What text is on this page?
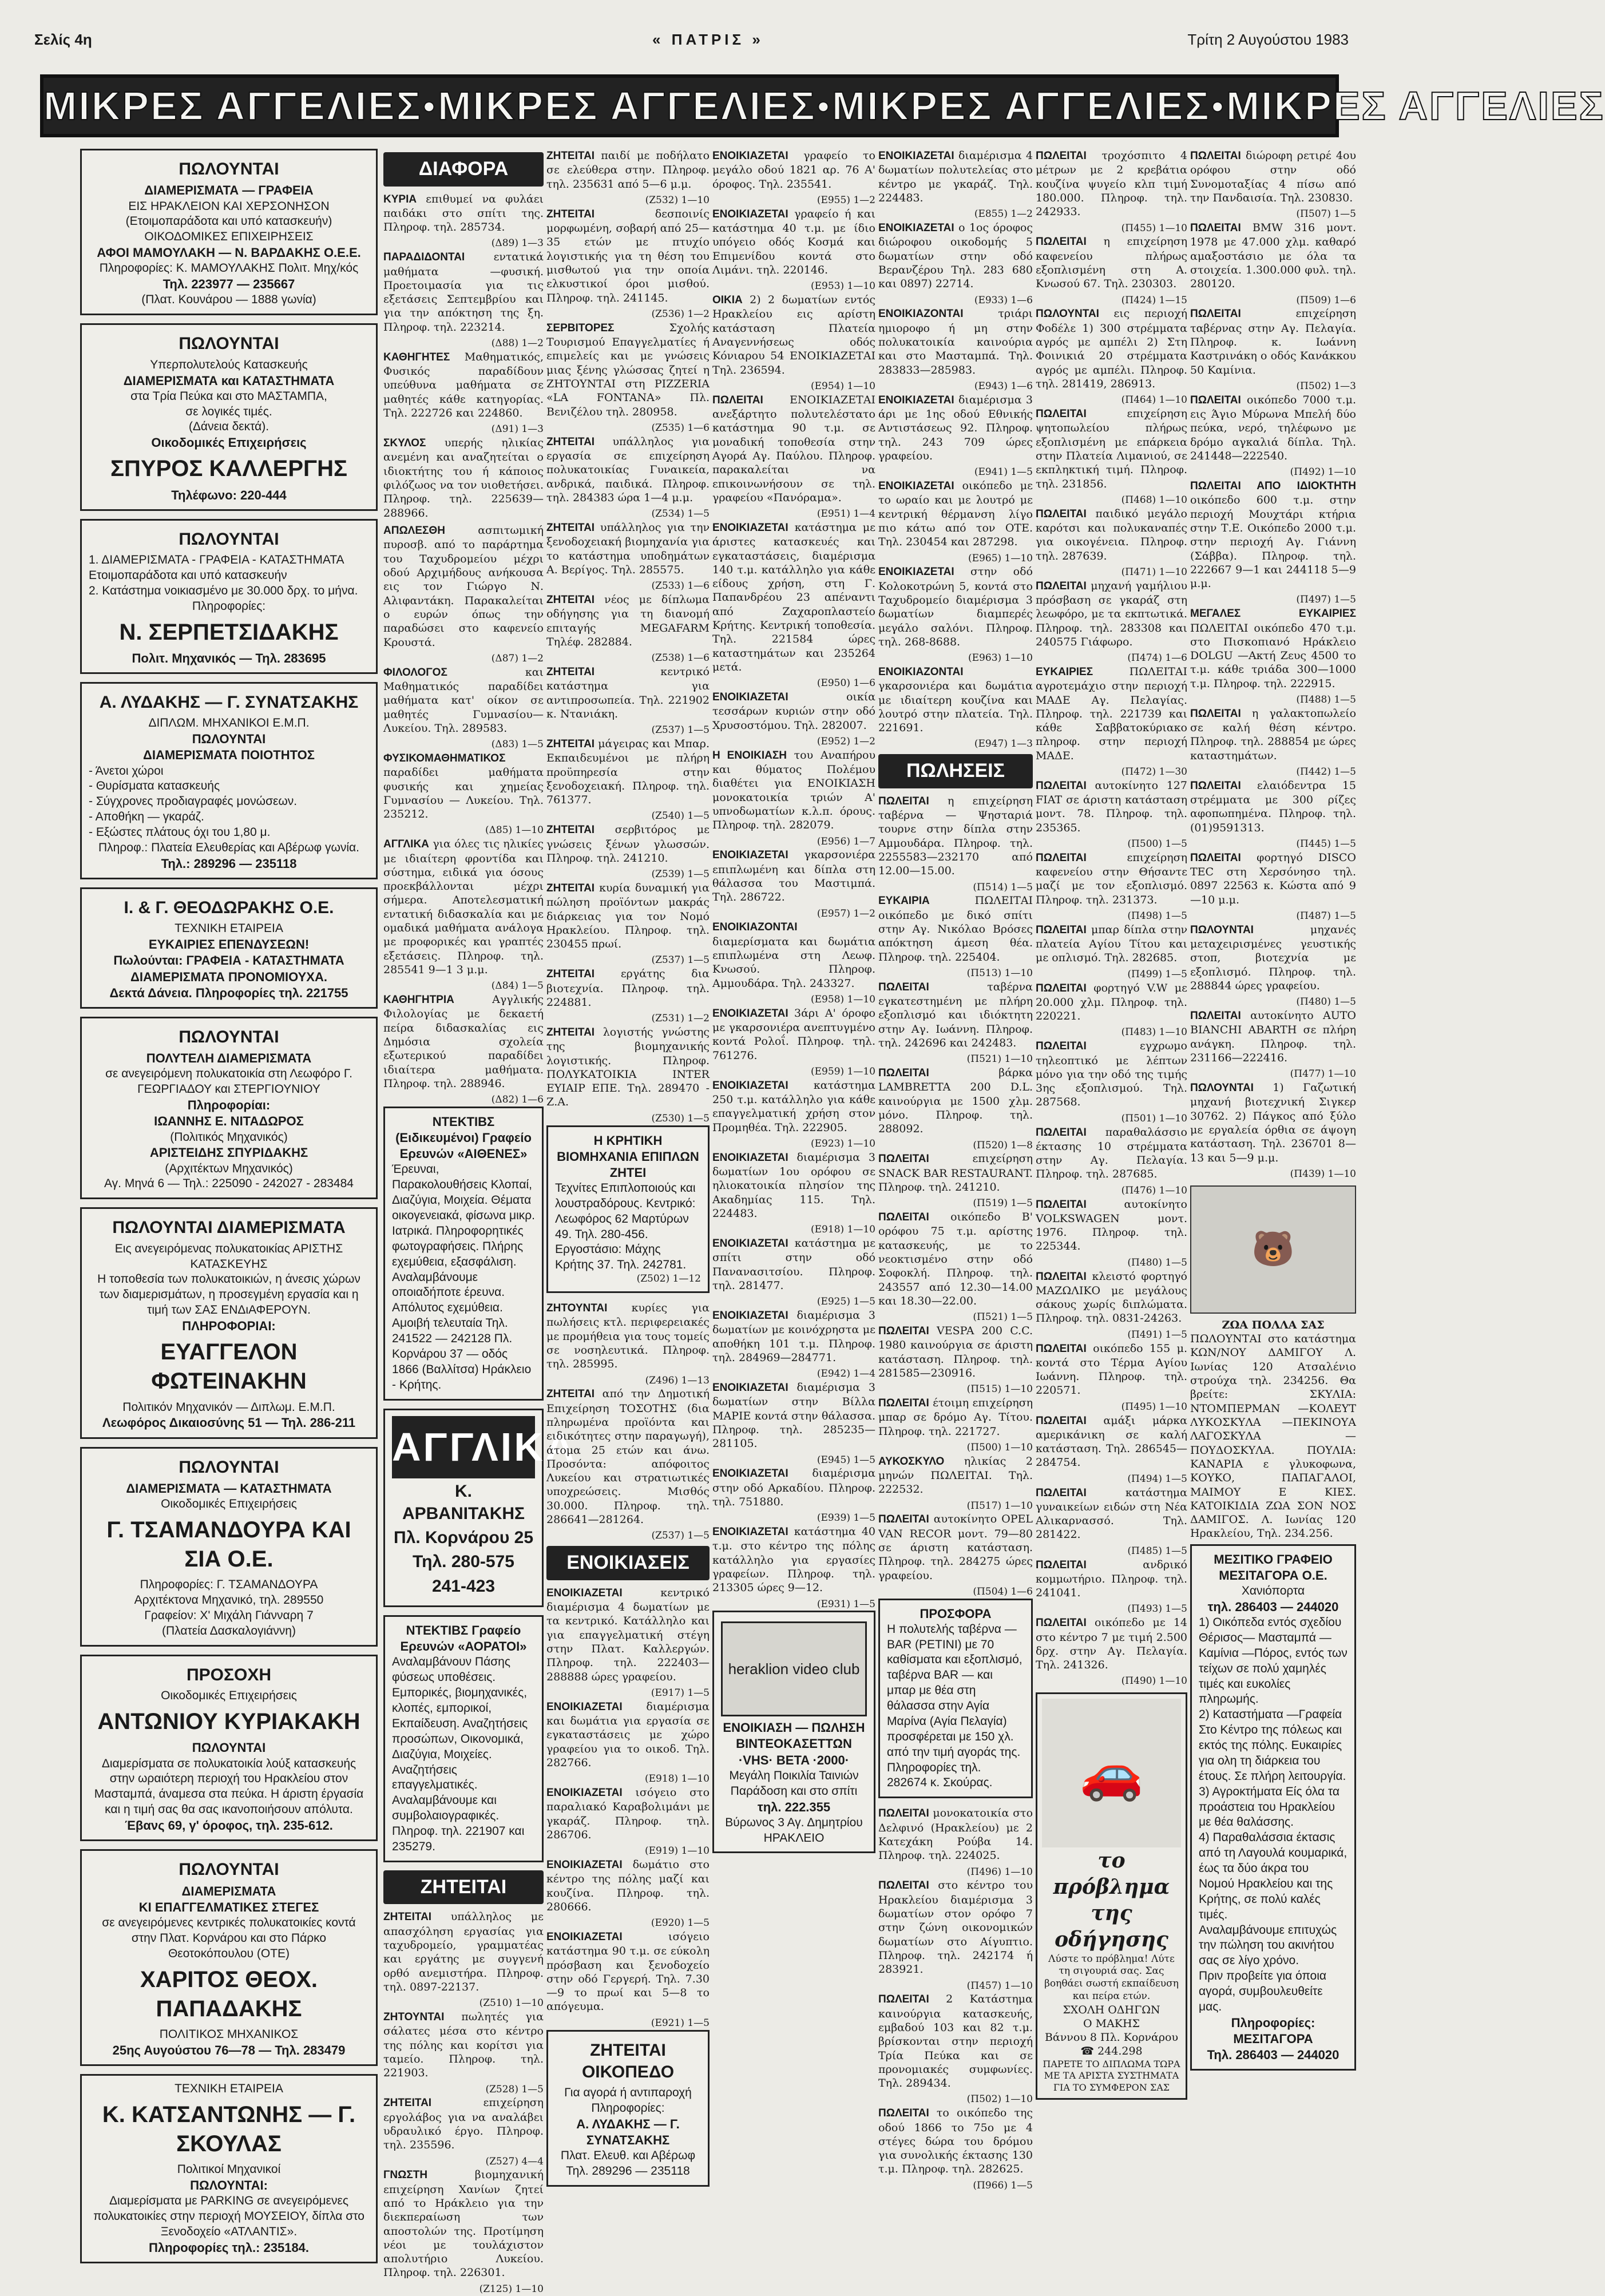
Σελίς 4η	« ΠΑΤΡΙΣ »	Τρίτη 2 Αυγούστου 1983
ΜΙΚΡΕΣ ΑΓΓΕΛΙΕΣ ● ΜΙΚΡΕΣ ΑΓΓΕΛΙΕΣ ● ΜΙΚΡΕΣ ΑΓΓΕΛΙΕΣ ● ΜΙΚΡΕΣ ΑΓΓΕΛΙΕΣ
ΠΩΛΟΥΝΤΑΙ
ΔΙΑΜΕΡΙΣΜΑΤΑ — ΓΡΑΦΕΙΑ
ΕΙΣ ΗΡΑΚΛΕΙΟΝ ΚΑΙ ΧΕΡΣΟΝΗΣΟΝ
(Ετοιμοπαράδοτα και υπό κατασκευήν)
ΟΙΚΟΔΟΜΙΚΕΣ ΕΠΙΧΕΙΡΗΣΕΙΣ
ΑΦΟΙ ΜΑΜΟΥΛΑΚΗ — Ν. ΒΑΡΔΑΚΗΣ Ο.Ε.Ε.
Πληροφορίες: Κ. ΜΑΜΟΥΛΑΚΗΣ Πολιτ. Μηχ/κός
Τηλ. 223977 — 235667
(Πλατ. Κουνάρου — 1888 γωνία)
ΠΩΛΟΥΝΤΑΙ
Υπερπολυτελούς Κατασκευής
ΔΙΑΜΕΡΙΣΜΑΤΑ και ΚΑΤΑΣΤΗΜΑΤΑ
στα Τρία Πεύκα και στο ΜΑΣΤΑΜΠΑ,
σε λογικές τιμές.
(Δάνεια δεκτά).
Οικοδομικές Επιχειρήσεις
ΣΠΥΡΟΣ ΚΑΛΛΕΡΓΗΣ
Τηλέφωνο: 220-444
ΠΩΛΟΥΝΤΑΙ
1. ΔΙΑΜΕΡΙΣΜΑΤΑ - ΓΡΑΦΕΙΑ - ΚΑΤΑΣΤΗΜΑΤΑ Ετοιμοπαράδοτα και υπό κατασκευήν
2. Κατάστημα νοικιασμένο με 30.000 δρχ. το μήνα.
Πληροφορίες:
Ν. ΣΕΡΠΕΤΣΙΔΑΚΗΣ
Πολιτ. Μηχανικός — Τηλ. 283695
Α. ΛΥΔΑΚΗΣ — Γ. ΣΥΝΑΤΣΑΚΗΣ
ΔΙΠΛΩΜ. ΜΗΧΑΝΙΚΟΙ Ε.Μ.Π.
ΠΩΛΟΥΝΤΑΙ
ΔΙΑΜΕΡΙΣΜΑΤΑ ΠΟΙΟΤΗΤΟΣ
- Άνετοι χώροι
- Θυρίσματα κατασκευής
- Σύγχρονες προδιαγραφές μονώσεων.
- Αποθήκη — γκαράζ.
- Εξώστες πλάτους όχι του 1,80 μ.
Πληροφ.: Πλατεία Ελευθερίας και Αβέρωφ γωνία.
Τηλ.: 289296 — 235118
Ι. & Γ. ΘΕΟΔΩΡΑΚΗΣ Ο.Ε.
ΤΕΧΝΙΚΗ ΕΤΑΙΡΕΙΑ
ΕΥΚΑΙΡΙΕΣ ΕΠΕΝΔΥΣΕΩΝ!
Πωλούνται: ΓΡΑΦΕΙΑ - ΚΑΤΑΣΤΗΜΑΤΑ
ΔΙΑΜΕΡΙΣΜΑΤΑ ΠΡΟΝΟΜΙΟΥΧΑ.
Δεκτά Δάνεια. Πληροφορίες τηλ. 221755
ΠΩΛΟΥΝΤΑΙ
ΠΟΛΥΤΕΛΗ ΔΙΑΜΕΡΙΣΜΑΤΑ
σε ανεγειρόμενη πολυκατοικία στη Λεωφόρο Γ. ΓΕΩΡΓΙΑΔΟΥ και ΣΤΕΡΓΙΟΥΝΙΟΥ
Πληροφορίαι:
ΙΩΑΝΝΗΣ Ε. ΝΙΤΑΔΩΡΟΣ
(Πολιτικός Μηχανικός)
ΑΡΙΣΤΕΙΔΗΣ ΣΠΥΡΙΔΑΚΗΣ
(Αρχιτέκτων Μηχανικός)
Αγ. Μηνά 6 — Τηλ.: 225090 - 242027 - 283484
ΠΩΛΟΥΝΤΑΙ ΔΙΑΜΕΡΙΣΜΑΤΑ
Εις ανεγειρόμενας πολυκατοικίας ΑΡΙΣΤΗΣ ΚΑΤΑΣΚΕΥΗΣ
Η τοποθεσία των πολυκατοικιών, η άνεσις χώρων των διαμερισμάτων, η προσεγμένη εργασία και η τιμή των ΣΑΣ ΕΝΔιΑΦΕΡΟΥΝ.
ΠΛΗΡΟΦΟΡΙΑΙ:
ΕΥΑΓΓΕΛΟΝ ΦΩΤΕΙΝΑΚΗΝ
Πολιτικόν Μηχανικόν — Διπλωμ. Ε.Μ.Π.
Λεωφόρος Δικαιοσύνης 51 — Τηλ. 286-211
ΠΩΛΟΥΝΤΑΙ
ΔΙΑΜΕΡΙΣΜΑΤΑ — ΚΑΤΑΣΤΗΜΑΤΑ
Οικοδομικές Επιχειρήσεις
Γ. ΤΣΑΜΑΝΔΟΥΡΑ ΚΑΙ ΣΙΑ Ο.Ε.
Πληροφορίες: Γ. ΤΣΑΜΑΝΔΟΥΡΑ
Αρχιτέκτονα Μηχανικό, τηλ. 289550
Γραφείον: Χ' Μιχάλη Γιάνναρη 7
(Πλατεία Δασκαλογιάννη)
ΠΡΟΣΟΧΗ
Οικοδομικές Επιχειρήσεις
ΑΝΤΩΝΙΟΥ ΚΥΡΙΑΚΑΚΗ
ΠΩΛΟΥΝΤΑΙ
Διαμερίσματα σε πολυκατοικία λούξ κατασκευής στην ωραιότερη περιοχή του Ηρακλείου στον Μασταμπά, άναμεσα στα πεύκα. Η άριστη έργασία και η τιμή σας θα σας ικανοποιήσουν απόλυτα.
Έβανς 69, γ' όροφος, τηλ. 235-612.
ΠΩΛΟΥΝΤΑΙ
ΔΙΑΜΕΡΙΣΜΑΤΑ
ΚΙ ΕΠΑΓΓΕΛΜΑΤΙΚΕΣ ΣΤΕΓΕΣ
σε ανεγειρόμενες κεντρικές πολυκατοικίες κοντά στην Πλατ. Κορνάρου και στο Πάρκο Θεοτοκόπουλου (ΟΤΕ)
ΧΑΡΙΤΟΣ ΘΕΟΧ. ΠΑΠΑΔΑΚΗΣ
ΠΟΛΙΤΙΚΟΣ ΜΗΧΑΝΙΚΟΣ
25ης Αυγούστου 76—78 — Τηλ. 283479
ΤΕΧΝΙΚΗ ΕΤΑΙΡΕΙΑ
Κ. ΚΑΤΣΑΝΤΩΝΗΣ — Γ. ΣΚΟΥΛΑΣ
Πολιτικοί Μηχανικοί
ΠΩΛΟΥΝΤΑΙ:
Διαμερίσματα με PARKING σε ανεγειρόμενες πολυκατοικίες στην περιοχή ΜΟΥΣΕΙΟΥ, δίπλα στο Ξενοδοχείο «ΑΤΛΑΝΤΙΣ».
Πληροφορίες τηλ.: 235184.
ΔΙΑΦΟΡΑ
ΚΥΡΙΑ επιθυμεί να φυλάει παιδάκι στο σπίτι της. Πληροφ. τηλ. 285734.
(Δ89) 1—3
ΠΑΡΑΔΙΔΟΝΤΑΙ	εντατικά μαθήματα —φυσική. Προετοιμασία για τις εξετάσεις Σεπτεμβρίου και για την απόκτηση της ξη. Πληροφ. τηλ. 223214.
(Δ88) 1—2
ΚΑΘΗΓΗΤΕΣ Μαθηματικός, Φυσικός παραδίδουν υπεύθυνα μαθήματα σε μαθητές κάθε κατηγορίας. Τηλ. 222726 και 224860.
(Δ91) 1—3
ΣΚΥΛΟΣ υπερής ηλικίας ανεμένη και αναζητείται ο ιδιοκτήτης του ή κάποιος φιλόζωος να τον υιοθετήσει. Πληροφ. τηλ. 225639—288966.
ΑΠΩΛΕΣΘΗ	ασπιτωμική πυροσβ. από το παράρτημα του Ταχυδρομείου μέχρι οδού Αρχιμήδους ανήκουσα εις τον Γιώργο Ν. Αλιφαντάκη. Παρακαλείται ο ευρών όπως την παραδώσει στο καφενείο Κρουστά.
(Δ87) 1—2
ΦΙΛΟΛΟΓΟΣ	και Μαθηματικός παραδίδει μαθήματα κατ' οίκον σε μαθητές Γυμνασίου—Λυκείου. Τηλ. 289583.
(Δ83) 1—5
ΦΥΣΙΚΟΜΑΘΗΜΑΤΙΚΟΣ παραδίδει μαθήματα φυσικής και χημείας Γυμνασίου — Λυκείου. Τηλ. 235212.
(Δ85) 1—10
ΑΓΓΛΙΚΑ για όλες τις ηλικίες με ιδιαίτερη φροντίδα και σύστημα, ειδικά για όσους προεκβάλλονται μέχρι σήμερα. Αποτελεσματική εντατική διδασκαλία και με ομαδικά μαθήματα ανάλογα με προφορικές και γραπτές εξετάσεις. Πληροφ. τηλ. 285541 9—1 3 μ.μ.
(Δ84) 1—5
ΚΑΘΗΓΗΤΡΙΑ	Αγγλικής Φιλολογίας με δεκαετή πείρα διδασκαλίας εις Δημόσια σχολεία εξωτερικού παραδίδει ιδιαίτερα μαθήματα. Πληροφ. τηλ. 288946.
(Δ82) 1—6
ΝΤΕΚΤΙΒΣ (Ειδικευμένοι) Γραφείο Ερευνών «ΑΙΘΕΝΕΣ»
Έρευναι, Παρακολουθήσεις Κλοπαί, Διαζύγια, Μοιχεία. Θέματα οικογενειακά, φίσωνα μικρ. Ιατρικά. Πληροφορητικές φωτογραφήσεις. Πλήρης εχεμύθεια, εξασφάλιση. Αναλαμβάνουμε οποιαδήποτε έρευνα. Απόλυτος εχεμύθεια. Αμοιβή τελευταία Τηλ. 241522 — 242128 Πλ. Κορνάρου 37 — οδός 1866 (Βαλλίτσα) Ηράκλειο - Κρήτης.
ΑΓΓΛΙΚΑ
Κ. ΑΡΒΑΝΙΤΑΚΗΣ
Πλ. Κορνάρου 25
Τηλ. 280-575
241-423
ΝΤΕΚΤΙΒΣ Γραφείο Ερευνών «ΑΟΡΑΤΟΙ»
Αναλαμβάνουν Πάσης φύσεως υποθέσεις. Εμπορικές, βιομηχανικές, κλοπές, εμπορικοί, Εκπαίδευση. Αναζητήσεις προσώπων, Οικονομικά, Διαζύγια, Μοιχείες. Αναζητήσεις επαγγελματικές. Αναλαμβάνουμε και συμβολαιογραφικές. Πληροφ. τηλ. 221907 και 235279.
ΖΗΤΕΙΤΑΙ
ΖΗΤΕΙΤΑΙ υπάλληλος με απασχόληση εργασίας για ταχυδρομείο, γραμματέας και εργάτης με συγγενή ορθό ανεμιστήρα. Πληροφ. τηλ. 0897-22137.
(Z510) 1—10
ΖΗΤΟΥΝΤΑΙ πωλητές για σάλατες μέσα στο κέντρο της πόλης και κορίτσι για ταμείο. Πληροφ. τηλ. 221903.
(Z528) 1—5
ΖΗΤΕΙΤΑΙ	επιχείρηση εργολάβος για να αναλάβει υδραυλικό έργο. Πληροφ. τηλ. 235596.
(Z527) 4—4
ΓΝΩΣΤΗ	βιομηχανική επιχείρηση Χανίων ζητεί από το Ηράκλειο για την διεκπεραίωση των αποστολών της. Προτίμηση νέοι με τουλάχιστον απολυτήριο Λυκείου. Πληροφ. τηλ. 226301.
(Z125) 1—10
ΖΗΤΕΙΤΑΙ παιδί με ποδήλατο σε ελεύθερα στην. Πληροφ. τηλ. 235631 από 5—6 μ.μ.
(Z532) 1—10
ΖΗΤΕΙΤΑΙ	δεσποινίς μορφωμένη, σοβαρή από 25—35 ετών με πτυχίο λογιστικής για τη θέση του μισθωτού για την οποία ελκυστικοί όροι μισθού. Πληροφ. τηλ. 241145.
(Z536) 1—2
ΣΕΡΒΙΤΟΡΕΣ	Σχολής Τουρισμού Επαγγελματίες ή επιμελείς και με γνώσεις μιας ξένης γλώσσας ζητεί η ΖΗΤΟΥΝΤΑΙ στη PIZZERIA «LA FONTANA» Πλ. Βενιζέλου τηλ. 280958.
(Z535) 1—6
ΖΗΤΕΙΤΑΙ υπάλληλος για εργασία σε επιχείρηση πολυκατοικίας Γυναικεία, ανδρικά, παιδικά. Πληροφ. τηλ. 284383 ώρα 1—4 μ.μ.
(Z534) 1—5
ΖΗΤΕΙΤΑΙ υπάλληλος για την ξενοδοχειακή βιομηχανία για το κατάστημα υποδημάτων Α. Βερίγος. Τηλ. 285575.
(Z533) 1—6
ΖΗΤΕΙΤΑΙ νέος με δίπλωμα οδήγησης για τη διανομή επιταγής ΜEGAFARM Τηλέφ. 282884.
(Z538) 1—6
ΖΗΤΕΙΤΑΙ	κεντρικό κατάστημα για αντιπροσωπεία. Τηλ. 221902 κ. Ντανιάκη.
(Z537) 1—5
ΖΗΤΕΙΤΑΙ μάγειρας και Μπαρ. Εκπαιδευμένοι με πλήρη προϋπηρεσία στην ξενοδοχειακή. Πληροφ. τηλ. 761377.
(Z540) 1—5
ΖΗΤΕΙΤΑΙ σερβιτόρος με γνώσεις ξένων γλωσσών. Πληροφ. τηλ. 241210.
(Z539) 1—5
ΖΗΤΕΙΤΑΙ κυρία δυναμική για πώληση προϊόντων μακράς διάρκειας για τον Νομό Ηρακλείου. Πληροφ. τηλ. 230455 πρωί.
(Z537) 1—5
ΖΗΤΕΙΤΑΙ εργάτης δια βιοτεχνία. Πληροφ. τηλ. 224881.
(Z531) 1—2
ΖΗΤΕΙΤΑΙ λογιστής γνώστης της βιομηχανικής λογιστικής. Πληροφ. ΠΟΛΥΚΑΤΟΙΚΙΑ INTER ΕΥΙΑΙΡ ΕΠΕ. Τηλ. 289470 - Ζ.Α.
(Z530) 1—5
Η ΚΡΗΤΙΚΗ ΒΙΟΜΗΧΑΝΙΑ ΕΠΙΠΛΩΝ ΖΗΤΕΙ
Τεχνίτες Επιπλοποιούς και λουστραδόρους. Κεντρικό: Λεωφόρος 62 Μαρτύρων 49. Τηλ. 280-456. Εργοστάσιο: Μάχης Κρήτης 37. Τηλ. 242781.
(Z502) 1—12
ΖΗΤΟΥΝΤΑΙ κυρίες για πωλήσεις κτλ. περιφερειακές με προμήθεια για τους τομείς σε νοσηλευτικά. Πληροφ. τηλ. 285995.
(Z496) 1—13
ΖΗΤΕΙΤΑΙ από την Δημοτική Επιχείρηση ΤΟΣΟΤΗΣ (δια πληρωμένα προϊόντα και ειδικότητες στην παραγωγή), άτομα 25 ετών και άνω. Προσόντα: απόφοιτος Λυκείου και στρατιωτικές υποχρεώσεις. Μισθός 30.000. Πληροφ. τηλ. 286641—281264.
(Z537) 1—5
ΕΝΟΙΚΙΑΣΕΙΣ
ΕΝΟΙΚΙΑΖΕΤΑΙ	κεντρικό διαμέρισμα 4 δωματίων με τα κεντρικό. Κατάλληλο και για επαγγελματική στέγη στην Πλατ. Καλλεργών. Πληροφ. τηλ. 222403—288888 ώρες γραφείου.
(E917) 1—5
ΕΝΟΙΚΙΑΖΕΤΑΙ διαμέρισμα και δωμάτια για εργασία σε εγκαταστάσεις με χώρο γραφείου για το οικοδ. Τηλ. 282766.
(E918) 1—10
ΕΝΟΙΚΙΑΖΕΤΑΙ ισόγειο στο παραλιακό Καραβολιμάνι με γκαράζ. Πληροφ. τηλ. 286706.
(E919) 1—10
ΕΝΟΙΚΙΑΖΕΤΑΙ δωμάτιο στο κέντρο της πόλης μαζί και κουζίνα. Πληροφ. τηλ. 280666.
(E920) 1—5
ΕΝΟΙΚΙΑΖΕΤΑΙ	ισόγειο κατάστημα 90 τ.μ. σε εύκολη πρόσβαση και ξενοδοχείο στην οδό Γεργερή. Τηλ. 7.30—9 το πρωί και 5—8 το απόγευμα.
(E921) 1—5
ΖΗΤΕΙΤΑΙ ΟΙΚΟΠΕΔΟ
Για αγορά ή αντιπαροχή
Πληροφορίες:
Α. ΛΥΔΑΚΗΣ — Γ. ΣΥΝΑΤΣΑΚΗΣ
Πλατ. Ελευθ. και Αβέρωφ
Τηλ. 289296 — 235118
ΕΝΟΙΚΙΑΖΕΤΑΙ γραφείο το μεγάλο οδού 1821 αρ. 76 Α' όροφος. Τηλ. 235541.
(E955) 1—2
ΕΝΟΙΚΙΑΖΕΤΑΙ γραφείο ή και κατάστημα 40 τ.μ. με ίδιο υπόγειο οδός Κοσμά και Επιμενίδου κοντά στο Λιμάνι. τηλ. 220146.
(E953) 1—10
ΟΙΚΙΑ 2) 2 δωματίων εντός Ηρακλείου εις αρίστη κατάσταση Πλατεία Αναγεννήσεως οδός Κόνιαρου 54 ΕΝΟΙΚΙΑΖΕΤΑΙ Τηλ. 236594.
(E954) 1—10
ΠΩΛΕΙΤΑΙ ΕΝΟΙΚΙΑΖΕΤΑΙ ανεξάρτητο πολυτελέστατο κατάστημα 90 τ.μ. σε μοναδική τοποθεσία στην Αγορά Αγ. Παύλου. Πληροφ. παρακαλείται να επικοινωνήσουν σε τηλ. γραφείου «Πανόραμα».
(E951) 1—4
ΕΝΟΙΚΙΑΖΕΤΑΙ κατάστημα με άριστες κατασκευές και εγκαταστάσεις, διαμέρισμα 140 τ.μ. κατάλληλο για κάθε είδους χρήση, στη Γ. Παπανδρέου 23 απέναντι από Ζαχαροπλαστείο Κρήτης. Κεντρική τοποθεσία. Τηλ. 221584 ώρες καταστημάτων και 235264 μετά.
(E950) 1—6
ΕΝΟΙΚΙΑΖΕΤΑΙ	οικία τεσσάρων κυριών στην οδό Χρυσοστόμου. Τηλ. 282007.
(E952) 1—2
Η ΕΝΟΙΚΙΑΣΗ του Αναπήρου και θύματος Πολέμου διαθέτει για ΕΝΟΙΚΙΑΣΗ μονοκατοικία τριών Α' υπνοδωματίων κ.λ.π. όρους. Πληροφ. τηλ. 282079.
(E956) 1—7
ΕΝΟΙΚΙΑΖΕΤΑΙ γκαρσονιέρα επιπλωμένη και δίπλα στη θάλασσα του Μαστιμπά. Τηλ. 286722.
(E957) 1—2
ΕΝΟΙΚΙΑΖΟΝΤΑΙ διαμερίσματα και δωμάτια επιπλωμένα στη Λεωφ. Κνωσού. Πληροφ. Αμμουδάρα. Τηλ. 243327.
(E958) 1—10
ΕΝΟΙΚΙΑΖΕΤΑΙ 3άρι Α' όροφο με γκαρσονιέρα ανεπτυγμένο κοντά Ρολοΐ. Πληροφ. τηλ. 761276.
(E959) 1—10
ΕΝΟΙΚΙΑΖΕΤΑΙ κατάστημα 250 τ.μ. κατάλληλο για κάθε επαγγελματική χρήση στον Προμηθέα. Τηλ. 222905.
(E923) 1—10
ΕΝΟΙΚΙΑΖΕΤΑΙ διαμέρισμα 3 δωματίων 1ου ορόφου σε ηλιοκατοικία πλησίον της Ακαδημίας 115. Τηλ. 224483.
(E918) 1—10
ΕΝΟΙΚΙΑΖΕΤΑΙ κατάστημα με σπίτι στην οδό Πανανασιτσίου. Πληροφ. τηλ. 281477.
(E925) 1—5
ΕΝΟΙΚΙΑΖΕΤΑΙ διαμέρισμα 3 δωματίων με κοινόχρηστα με αποθήκη 101 τ.μ. Πληροφ. τηλ. 284969—284771.
(E942) 1—4
ΕΝΟΙΚΙΑΖΕΤΑΙ διαμέρισμα 3 δωματίων στην Βίλλα ΜΑΡΙΕ κοντά στην θάλασσα. Πληροφ. τηλ. 285235—281105.
(E945) 1—5
ΕΝΟΙΚΙΑΖΕΤΑΙ διαμέρισμα στην οδό Αρκαδίου. Πληροφ. τηλ. 751880.
(E939) 1—5
ΕΝΟΙΚΙΑΖΕΤΑΙ κατάστημα 40 τ.μ. στο κέντρο της πόλης κατάλληλο για εργασίες γραφείων. Πληροφ. τηλ. 213305 ώρες 9—12.
(E931) 1—5
heraklion
video
club
ΕΝΟΙΚΙΑΣΗ — ΠΩΛΗΣΗ
ΒΙΝΤΕΟΚΑΣΕΤΤΩΝ
·VHS· BETA ·2000·
Μεγάλη Ποικιλία Ταινιών
Παράδοση και στο σπίτι
τηλ. 222.355
Βύρωνος 3 Αγ. Δημητρίου ΗΡΑΚΛΕΙΟ
ΕΝΟΙΚΙΑΖΕΤΑΙ διαμέρισμα 4 δωματίων πολυτελείας στο κέντρο με γκαράζ. Τηλ. 224483.
(E855) 1—2
ΕΝΟΙΚΙΑΖΕΤΑΙ ο 1ος όροφος διώροφου οικοδομής 5 δωματίων στην οδό Βερανζέρου Τηλ. 283 680 και 0897) 22714.
(E933) 1—6
ΕΝΟΙΚΙΑΖΟΝΤΑΙ	τριάρι ημιοροφο ή μη στην πολυκατοικία καινούρια και στο Μασταμπά. Τηλ. 283833—285983.
(E943) 1—6
ΕΝΟΙΚΙΑΖΕΤΑΙ διαμέρισμα 3 άρι με 1ης οδού Εθνικής Αντιστάσεως 92. Πληροφ. τηλ. 243 709 ώρες γραφείου.
(E941) 1—5
ΕΝΟΙΚΙΑΖΕΤΑΙ οικόπεδο με το ωραίο και με λουτρό με κεντρική θέρμανση λίγο πιο κάτω από τον ΟΤΕ. Τηλ. 230454 και 287298.
(E965) 1—10
ΕΝΟΙΚΙΑΖΕΤΑΙ στην οδό Κολοκοτρώνη 5, κοντά στο Ταχυδρομείο διαμέρισμα 3 δωματίων διαμπερές μεγάλο σαλόνι. Πληροφ. τηλ. 268-8688.
(E963) 1—10
ΕΝΟΙΚΙΑΖΟΝΤΑΙ γκαρσονιέρα και δωμάτια με ιδιαίτερη κουζίνα και λουτρό στην πλατεία. Τηλ. 221691.
(E947) 1—3
ΠΩΛΗΣΕΙΣ
ΠΩΛΕΙΤΑΙ η επιχείρηση ταβέρνα — Ψησταριά τουρνε στην δίπλα στην Αμμουδάρα. Πληροφ. τηλ. 2255583—232170 από 12.00—15.00.
(Π514) 1—5
ΕΥΚΑΙΡΙΑ	ΠΩΛΕΙΤΑΙ οικόπεδο με δικό σπίτι στην Αγ. Νικόλαο Βρόσες απόκτηση άμεση θέα. Πληροφ. τηλ. 225404.
(Π513) 1—10
ΠΩΛΕΙΤΑΙ	ταβέρνα εγκατεστημένη με πλήρη εξοπλισμό και ιδιόκτητη στην Αγ. Ιωάννη. Πληροφ. τηλ. 242696 και 242483.
(Π521) 1—10
ΠΩΛΕΙΤΑΙ	βάρκα LAMBRETTA 200 D.L. καινούργια με 1500 χλμ. μόνο. Πληροφ. τηλ. 288092.
(Π520) 1—8
ΠΩΛΕΙΤΑΙ	επιχείρηση SNACK BAR RESTAURANT. Πληροφ. τηλ. 241210.
(Π519) 1—5
ΠΩΛΕΙΤΑΙ οικόπεδο Β' ορόφου 75 τ.μ. αρίστης κατασκευής, με το νεοκτισμένο στην οδό Σοφοκλή. Πληροφ. τηλ. 243557 από 12.30—14.00 και 18.30—22.00.
(Π521) 1—5
ΠΩΛΕΙΤΑΙ VESPA 200 C.C. 1980 καινούργια σε άριστη κατάσταση. Πληροφ. τηλ. 281585—230916.
(Π515) 1—10
ΠΩΛΕΙΤΑΙ έτοιμη επιχείρηση μπαρ σε δρόμο Αγ. Τίτου. Πληροφ. τηλ. 221727.
(Π500) 1—10
ΑΥΚΟΣΚΥΛΟ ηλικίας 2 μηνών ΠΩΛΕΙΤΑΙ. Τηλ. 222532.
(Π517) 1—10
ΠΩΛΕΙΤΑΙ αυτοκίνητο OPEL VAN RECOR μοντ. 79—80 σε άριστη κατάσταση. Πληροφ. τηλ. 284275 ώρες γραφείου.
(Π504) 1—6
ΠΡΟΣΦΟΡΑ
Η πολυτελής ταβέρνα — BAR (PETINI) με 70 καθίσματα και εξοπλισμό, ταβέρνα BAR — και μπαρ με θέα στη θάλασσα στην Αγία Μαρίνα (Αγία Πελαγία) προσφέρεται με 150 χλ. από την τιμή αγοράς της. Πληροφορίες τηλ. 282674 κ. Σκούρας.
ΠΩΛΕΙΤΑΙ μονοκατοικία στο Δελφινό (Ηρακλείου) με 2 Κατεχάκη Ρούβα 14. Πληροφ. τηλ. 224025.
(Π496) 1—10
ΠΩΛΕΙΤΑΙ στο κέντρο του Ηρακλείου διαμέρισμα 3 δωματίων στον ορόφο 7 στην ζώνη οικονομικών δωματίων στο Αίγυπτιο. Πληροφ. τηλ. 242174 ή 283921.
(Π457) 1—10
ΠΩΛΕΙΤΑΙ 2 Κατάστημα καινούργια κατασκευής, εμβαδού 103 και 82 τ.μ. βρίσκονται στην περιοχή Τρία Πεύκα και σε προνομιακές συμφωνίες. Τηλ. 289434.
(Π502) 1—10
ΠΩΛΕΙΤΑΙ το οικόπεδο της οδού 1866 το 75ο με 4 στέγες δώρα του δρόμου για συνολικής έκτασης 130 τ.μ. Πληροφ. τηλ. 282625.
(Π966) 1—5
ΠΩΛΕΙΤΑΙ τροχόσπιτο 4 μέτρων με 2 κρεβάτια κουζίνα ψυγείο κλπ τιμή 180.000. Πληροφ. τηλ. 242933.
(Π455) 1—10
ΠΩΛΕΙΤΑΙ η επιχείρηση καφενείου πλήρως εξοπλισμένη στη Α. Κνωσού 67. Τηλ. 230303.
(Π424) 1—15
ΠΩΛΟΥΝΤΑΙ εις περιοχή Φοδέλε 1) 300 στρέμματα αγρός με αμπέλι 2) Στη Φοινικιά 20 στρέμματα αγρός με αμπέλι. Πληροφ. τηλ. 281419, 286913.
(Π464) 1—10
ΠΩΛΕΙΤΑΙ	επιχείρηση ψητοπωλείου πλήρως εξοπλισμένη με επάρκεια στην Πλατεία Λιμανιού, σε εκπληκτική τιμή. Πληροφ. τηλ. 231856.
(Π468) 1—10
ΠΩΛΕΙΤΑΙ παιδικό μεγάλο καρότσι και πολυκαναπές για οικογένεια. Πληροφ. τηλ. 287639.
(Π471) 1—10
ΠΩΛΕΙΤΑΙ μηχανή γαμήλιου πρόσβαση σε γκαράζ στη λεωφόρο, με τα εκπτωτικά. Πληροφ. τηλ. 283308 και 240575 Γιάφωρο.
(Π474) 1—6
ΕΥΚΑΙΡΙΕΣ	ΠΩΛΕΙΤΑΙ αγροτεμάχιο στην περιοχή ΜΑΔΕ Αγ. Πελαγίας. Πληροφ. τηλ. 221739 και κάθε Σαββατοκύριακο πληροφ. στην περιοχή ΜΑΔΕ.
(Π472) 1—30
ΠΩΛΕΙΤΑΙ αυτοκίνητο 127 FIAT σε άριστη κατάσταση μοντ. 78. Πληροφ. τηλ. 235365.
(Π500) 1—5
ΠΩΛΕΙΤΑΙ	επιχείρηση καφενείου στην Θήσαντε μαζί με τον εξοπλισμό. Πληροφ. τηλ. 231373.
(Π498) 1—5
ΠΩΛΕΙΤΑΙ μπαρ δίπλα στην πλατεία Αγίου Τίτου και με οπλισμό. Τηλ. 282685.
(Π499) 1—5
ΠΩΛΕΙΤΑΙ φορτηγό V.W με 20.000 χλμ. Πληροφ. τηλ. 220221.
(Π483) 1—10
ΠΩΛΕΙΤΑΙ	εγχρωμο τηλεοπτικό με λέπτων μόνο για την οδό της τιμής 3ης εξοπλισμού. Τηλ. 287568.
(Π501) 1—10
ΠΩΛΕΙΤΑΙ παραθαλάσσιο έκτασης 10 στρέμματα στην Αγ. Πελαγία. Πληροφ. τηλ. 287685.
(Π476) 1—10
ΠΩΛΕΙΤΑΙ	αυτοκίνητο VOLKSWAGEN μοντ. 1976. Πληροφ. τηλ. 225344.
(Π480) 1—5
ΠΩΛΕΙΤΑΙ κλειστό φορτηγό ΜΑΖΩΛΙΚΟ με μεγάλους σάκους χωρίς διπλώματα. Πληροφ. τηλ. 0831-24263.
(Π491) 1—5
ΠΩΛΕΙΤΑΙ οικόπεδο 155 μ. κοντά στο Τέρμα Αγίου Ιωάννη. Πληροφ. τηλ. 220571.
(Π495) 1—10
ΠΩΛΕΙΤΑΙ αμάξι μάρκα αμερικάνικη σε καλή κατάσταση. Τηλ. 286545—284754.
(Π494) 1—5
ΠΩΛΕΙΤΑΙ	κατάστημα γυναικείων ειδών στη Νέα Αλικαρνασσό. Τηλ. 281422.
(Π485) 1—5
ΠΩΛΕΙΤΑΙ	ανδρικό κομμωτήριο. Πληροφ. τηλ. 241041.
(Π493) 1—5
ΠΩΛΕΙΤΑΙ οικόπεδο με 14 στο κέντρο 7 με τιμή 2.500 δρχ. στην Αγ. Πελαγία. Τηλ. 241326.
(Π490) 1—10
🚗
το πρόβλημα της οδήγησης
Λύστε το πρόβλημα! Λύτε τη σιγουριά σας. Σας βοηθάει σωστή εκπαίδευση και πείρα ετών.
ΣΧΟΛΗ ΟΔΗΓΩΝ
Ο ΜΑΚΗΣ
Βάννου 8 Πλ. Κορνάρου
☎ 244.298
ΠΑΡΕΤΕ ΤΟ ΔΙΠΛΩΜΑ ΤΩΡΑ ΜΕ ΤΑ ΑΡΙΣΤΑ ΣΥΣΤΗΜΑΤΑ ΓΙΑ ΤΟ ΣΥΜΦΕΡΟΝ ΣΑΣ
ΠΩΛΕΙΤΑΙ διώροφη ρετιρέ 4ου ορόφου στην οδό Συνομοταξίας 4 πίσω από την Πανδαισία. Τηλ. 230830.
(Π507) 1—5
ΠΩΛΕΙΤΑΙ BMW 316 μοντ. 1978 με 47.000 χλμ. καθαρό αμαξοστάσιο με όλα τα στοιχεία. 1.300.000 φυλ. τηλ. 280120.
(Π509) 1—6
ΠΩΛΕΙΤΑΙ	επιχείρηση ταβέρνας στην Αγ. Πελαγία. Πληροφ. κ. Ιωάννη Καστρινάκη ο οδός Κανάκκου 50 Καμίνια.
(Π502) 1—3
ΠΩΛΕΙΤΑΙ οικόπεδο 7000 τ.μ. εις Άγιο Μύρωνα Μπελή δύο πεύκα, νερό, τηλέφωνο με δρόμο αγκαλιά δίπλα. Τηλ. 241448—222540.
(Π492) 1—10
ΠΩΛΕΙΤΑΙ ΑΠΟ ΙΔΙΟΚΤΗΤΗ οικόπεδο 600 τ.μ. στην περιοχή Μουχτάρι κτήρια στην Τ.Ε. Οικόπεδο 2000 τ.μ. στην περιοχή Αγ. Γιάννη (Σάββα). Πληροφ. τηλ. 222667 9—1 και 244118 5—9 μ.μ.
(Π497) 1—5
ΜΕΓΑΛΕΣ ΕΥΚΑΙΡΙΕΣ ΠΩΛΕΙΤΑΙ οικόπεδο 470 τ.μ. στο Πισκοπιανό Ηράκλειο DOLGU —Ακτή Ζευς 4500 το τ.μ. κάθε τριάδα 300—1000 τ.μ. Πληροφ. τηλ. 222915.
(Π488) 1—5
ΠΩΛΕΙΤΑΙ η γαλακτοπωλείο σε καλή θέση κέντρο. Πληροφ. τηλ. 288854 με ώρες καταστημάτων.
(Π442) 1—5
ΠΩΛΕΙΤΑΙ ελαιόδεντρα 15 στρέμματα με 300 ρίζες αφοπωπημένα. Πληροφ. τηλ. (01)9591313.
(Π445) 1—5
ΠΩΛΕΙΤΑΙ φορτηγό DISCO TEC στη Χερσόνησο τηλ. 0897 22563 κ. Κώστα από 9—10 μ.μ.
(Π487) 1—5
ΠΩΛΟΥΝΤΑΙ	μηχανές μεταχειρισμένες γευστικής στοπ, βιοτεχνία με εξοπλισμό. Πληροφ. τηλ. 288844 ώρες γραφείου.
(Π480) 1—5
ΠΩΛΕΙΤΑΙ αυτοκίνητο AUTO BIANCHI ABARTH σε πλήρη ανάγκη. Πληροφ. τηλ. 231166—222416.
(Π477) 1—10
ΠΩΛΟΥΝΤΑΙ 1) Γαζωτική μηχανή βιοτεχνική Σιγκερ 30762. 2) Πάγκος από ξύλο με εργαλεία όρθια σε άψογη κατάσταση. Τηλ. 236701 8—13 και 5—9 μ.μ.
(Π439) 1—10
🐻
ΖΩΑ ΠΟΛΛΑ ΣΑΣ
ΠΩΛΟΥΝΤΑΙ στο κατάστημα ΚΩΝ/ΝΟΥ ΔΑΜΙΓΟΥ Λ. Ιωνίας 120 Ατσαλένιο στρούχα τηλ. 234256. Θα βρείτε: ΣΚΥΛΙΑ: ΝΤΟΜΠΕΡΜΑΝ —ΚΟΛΕΥΤ ΛΥΚΟΣΚΥΛΑ —ΠΕΚΙΝΟΥΑ ΛΑΓΟΣΚΥΛΑ — ΠΟΥΔΟΣΚΥΛΑ. ΠΟΥΛΙΑ: ΚΑΝΑΡΙΑ ε γλυκοφωνα, ΚΟΥΚΟ, ΠΑΠΑΓΑΛΟΙ, ΜΑΙΜΟΥ Ε ΚΙΕΣ. ΚΑΤΟΙΚΙΔΙΑ ΖΩΑ ΣΟΝ ΝΟΣ ΔΑΜΙΓΟΣ. Λ. Ιωνίας 120 Ηρακλείου, Τηλ. 234.256.
ΜΕΣΙΤΙΚΟ ΓΡΑΦΕΙΟ ΜΕΣΙΤΑΓΟΡΑ Ο.Ε.
Χανιόπορτα
τηλ. 286403 — 244020
1) Οικόπεδα εντός σχεδίου Θέρισος— Μασταμπά —Καμίνια —Πόρος, εντός των τείχων σε πολύ χαμηλές τιμές και ευκολίες πληρωμής.
2) Καταστήματα —Γραφεία Στο Κέντρο της πόλεως και εκτός της πόλης. Ευκαιρίες για ολη τη διάρκεια του έτους. Σε πλήρη λειτουργία.
3) Αγροκτήματα Είς όλα τα προάστεια του Ηρακλείου με θέα θαλάσσης.
4) Παραθαλάσσια έκτασις από τη Λαγουλά κουμαρικά, έως τα δύο άκρα του Νομού Ηρακλείου και της Κρήτης, σε πολύ καλές τιμές.
Αναλαμβάνουμε επιτυχώς την πώληση του ακινήτου σας σε λίγο χρόνο.
Πριν προβείτε για όποια αγορά, συμβουλευθείτε μας.
Πληροφορίες: ΜΕΣΙΤΑΓΟΡΑ
Τηλ. 286403 — 244020
